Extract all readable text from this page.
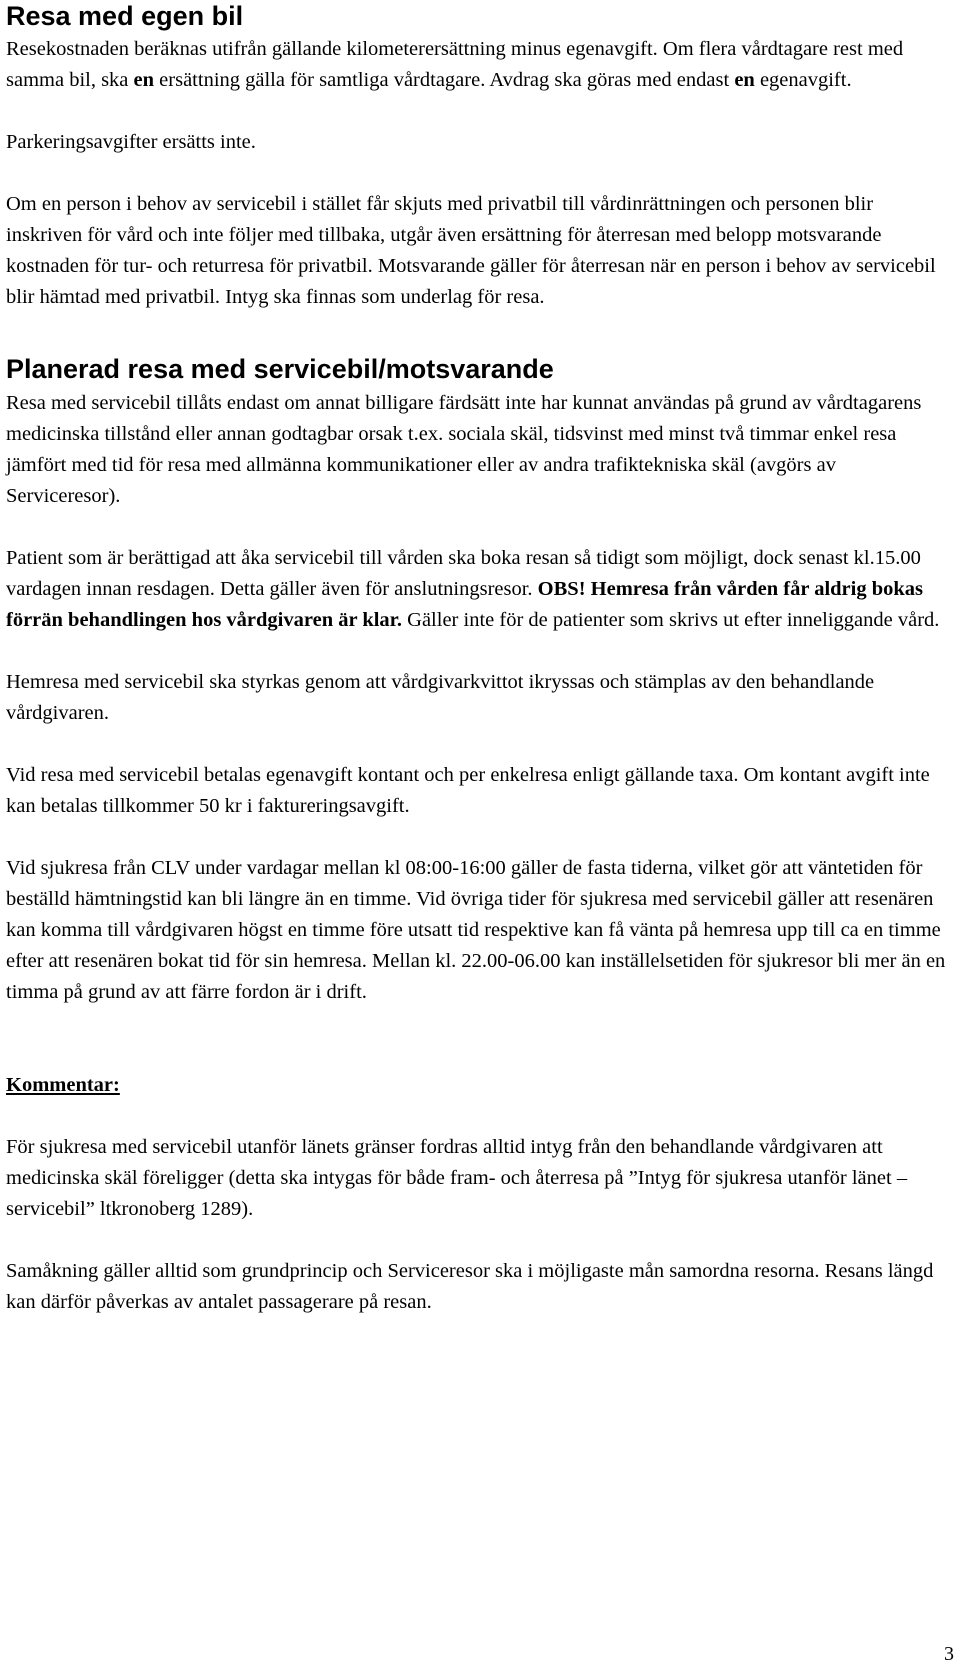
Resa med egen bil

Resekostnaden beräknas utifrån gällande kilometerersättning minus egenavgift. Om flera vårdtagare rest med samma bil, ska en ersättning gälla för samtliga vårdtagare. Avdrag ska göras med endast en egenavgift.

Parkeringsavgifter ersätts inte.

Om en person i behov av servicebil i stället får skjuts med privatbil till vårdinrättningen och personen blir inskriven för vård och inte följer med tillbaka, utgår även ersättning för återresan med belopp motsvarande kostnaden för tur- och returresa för privatbil. Motsvarande gäller för återresan när en person i behov av servicebil blir hämtad med privatbil. Intyg ska finnas som underlag för resa.

Planerad resa med servicebil/motsvarande

Resa med servicebil tillåts endast om annat billigare färdsätt inte har kunnat användas på grund av vårdtagarens medicinska tillstånd eller annan godtagbar orsak t.ex. sociala skäl, tidsvinst med minst två timmar enkel resa jämfört med tid för resa med allmänna kommunikationer eller av andra trafiktekniska skäl (avgörs av Serviceresor).

Patient som är berättigad att åka servicebil till vården ska boka resan så tidigt som möjligt, dock senast kl.15.00 vardagen innan resdagen. Detta gäller även för anslutningsresor. OBS! Hemresa från vården får aldrig bokas förrän behandlingen hos vårdgivaren är klar. Gäller inte för de patienter som skrivs ut efter inneliggande vård.

Hemresa med servicebil ska styrkas genom att vårdgivarkvittot ikryssas och stämplas av den behandlande vårdgivaren.

Vid resa med servicebil betalas egenavgift kontant och per enkelresa enligt gällande taxa. Om kontant avgift inte kan betalas tillkommer 50 kr i faktureringsavgift.

Vid sjukresa från CLV under vardagar mellan kl 08:00-16:00 gäller de fasta tiderna, vilket gör att väntetiden för beställd hämtningstid kan bli längre än en timme. Vid övriga tider för sjukresa med servicebil gäller att resenären kan komma till vårdgivaren högst en timme före utsatt tid respektive kan få vänta på hemresa upp till ca en timme efter att resenären bokat tid för sin hemresa. Mellan kl. 22.00-06.00 kan inställelsetiden för sjukresor bli mer än en timma på grund av att färre fordon är i drift.

Kommentar:

För sjukresa med servicebil utanför länets gränser fordras alltid intyg från den behandlande vårdgivaren att medicinska skäl föreligger (detta ska intygas för både fram- och återresa på ”Intyg för sjukresa utanför länet – servicebil” ltkronoberg 1289).

Samåkning gäller alltid som grundprincip och Serviceresor ska i möjligaste mån samordna resorna. Resans längd kan därför påverkas av antalet passagerare på resan.

3
